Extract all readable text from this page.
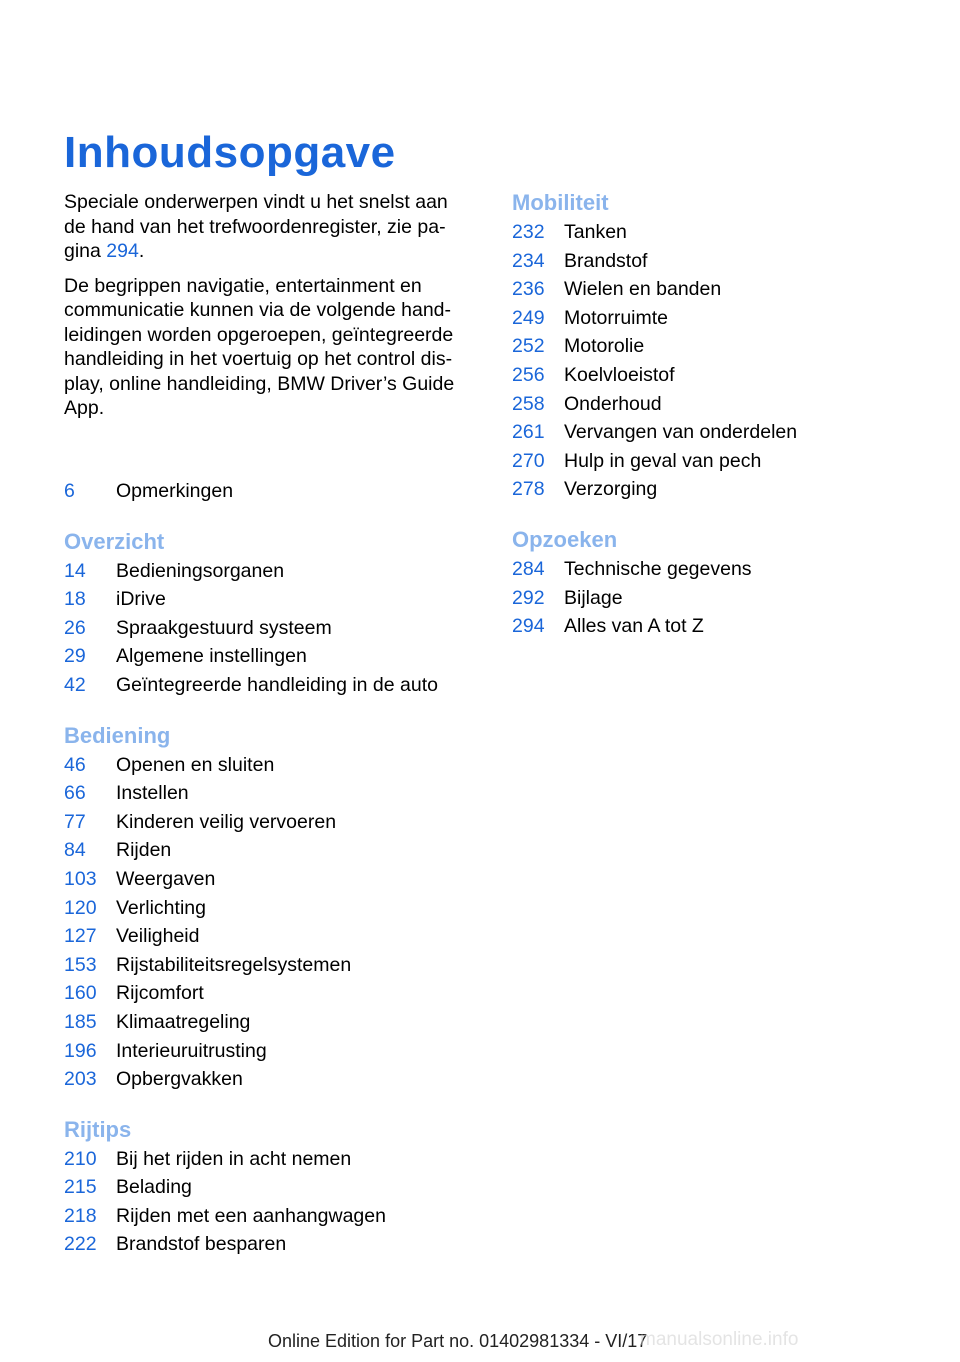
Inhoudsopgave

Speciale onderwerpen vindt u het snelst aan de hand van het trefwoordenregister, zie pa‐gina 294.

De begrippen navigatie, entertainment en communicatie kunnen via de volgende hand‐leidingen worden opgeroepen, geïntegreerde handleiding in het voertuig op het control dis‐play, online handleiding, BMW Driver’s Guide App.

6	Opmerkingen
Overzicht
14	Bedieningsorganen
18	iDrive
26	Spraakgestuurd systeem
29	Algemene instellingen
42	Geïntegreerde handleiding in de auto
Bediening
46	Openen en sluiten
66	Instellen
77	Kinderen veilig vervoeren
84	Rijden
103 Weergaven
120 Verlichting
127 Veiligheid
153 Rijstabiliteitsregelsystemen
160 Rijcomfort
185 Klimaatregeling
196 Interieuruitrusting
203 Opbergvakken
Rijtips
210 Bij het rijden in acht nemen
215 Belading
218 Rijden met een aanhangwagen
222 Brandstof besparen
Mobiliteit
232 Tanken
234 Brandstof
236 Wielen en banden
249 Motorruimte
252 Motorolie
256 Koelvloeistof
258 Onderhoud
261 Vervangen van onderdelen
270 Hulp in geval van pech
278 Verzorging
Opzoeken
284 Technische gegevens
292 Bijlage
294 Alles van A tot Z
Online Edition for Part no. 01402981334 - VI/17
manualsonline.info
